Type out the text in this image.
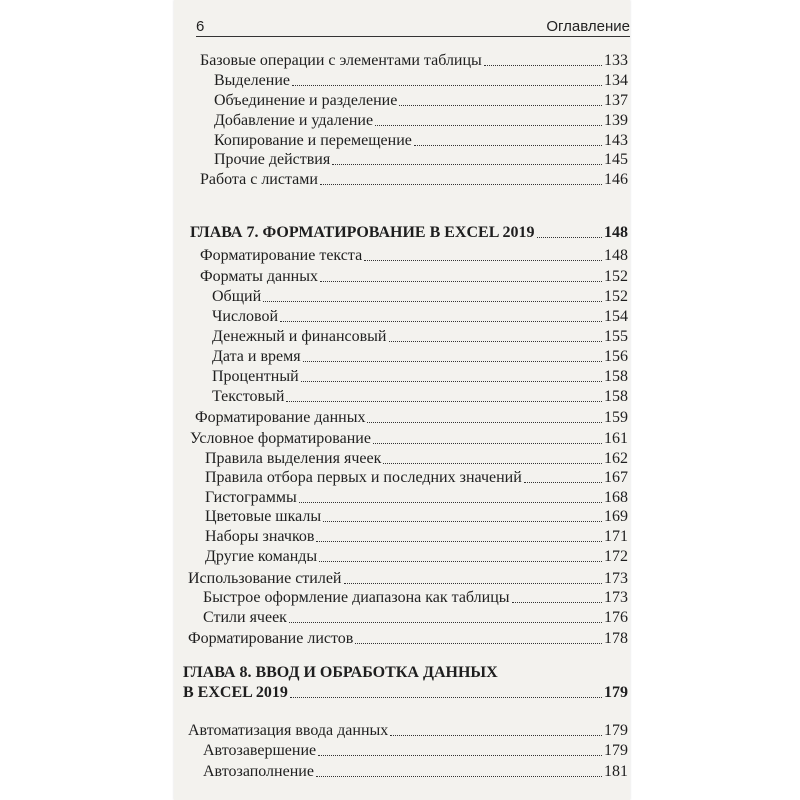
6	Оглавление
Базовые операции с элементами таблицы	133
Выделение	134
Объединение и разделение	137
Добавление и удаление	139
Копирование и перемещение	143
Прочие действия	145
Работа с листами	146
ГЛАВА 7. ФОРМАТИРОВАНИЕ В EXCEL 2019	148
Форматирование текста	148
Форматы данных	152
Общий	152
Числовой	154
Денежный и финансовый	155
Дата и время	156
Процентный	158
Текстовый	158
Форматирование данных	159
Условное форматирование	161
Правила выделения ячеек	162
Правила отбора первых и последних значений	167
Гистограммы	168
Цветовые шкалы	169
Наборы значков	171
Другие команды	172
Использование стилей	173
Быстрое оформление диапазона как таблицы	173
Стили ячеек	176
Форматирование листов	178
ГЛАВА 8. ВВОД И ОБРАБОТКА ДАННЫХ
В EXCEL 2019	179
Автоматизация ввода данных	179
Автозавершение	179
Автозаполнение	181
